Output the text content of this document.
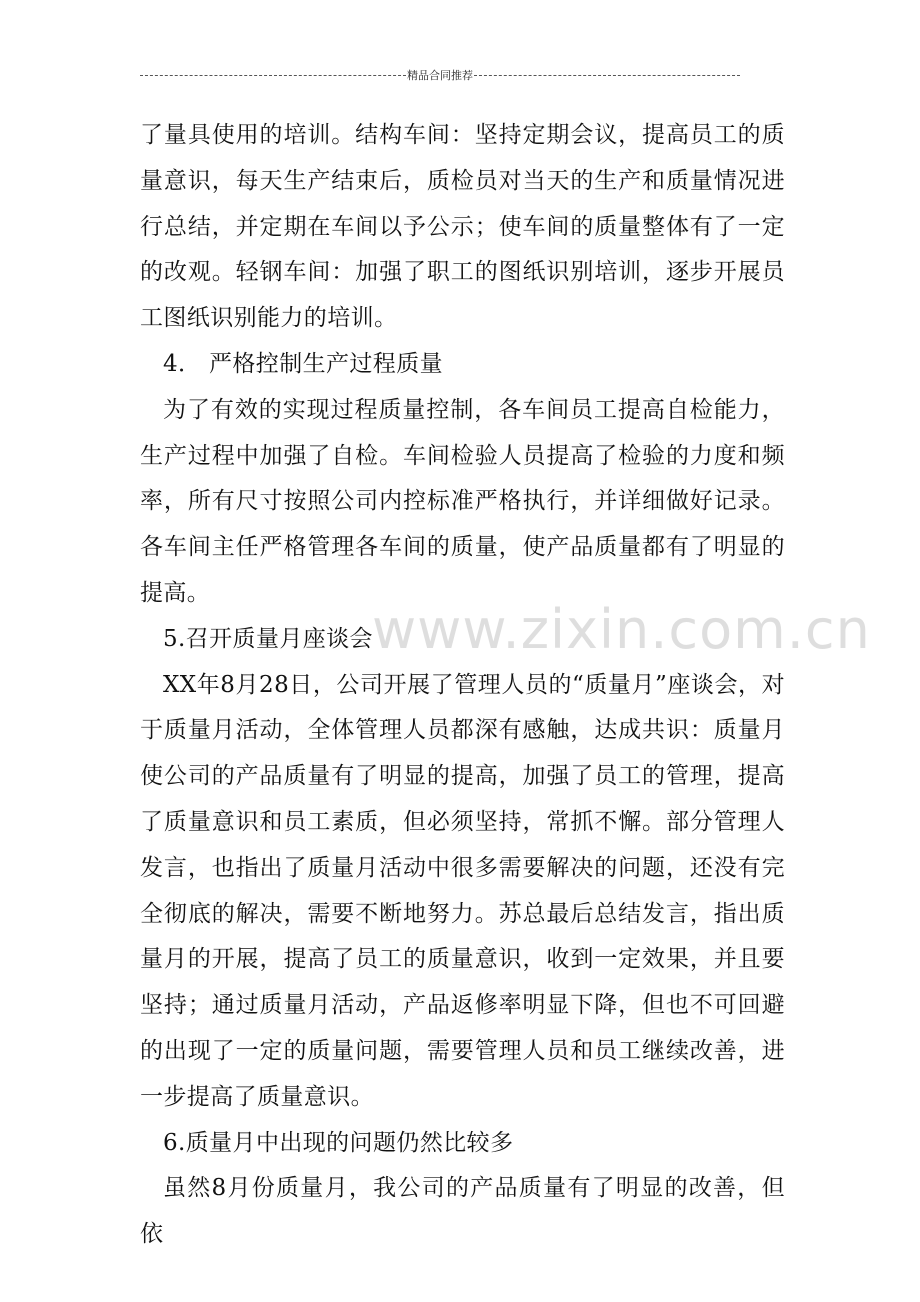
精品合同推荐
www.zixin.com.cn

了量具使用的培训。结构车间：坚持定期会议，提高员工的质量意识，每天生产结束后，质检员对当天的生产和质量情况进行总结，并定期在车间以予公示；使车间的质量整体有了一定的改观。轻钢车间：加强了职工的图纸识别培训，逐步开展员工图纸识别能力的培训。

4． 严格控制生产过程质量

为了有效的实现过程质量控制，各车间员工提高自检能力，生产过程中加强了自检。车间检验人员提高了检验的力度和频率，所有尺寸按照公司内控标准严格执行，并详细做好记录。各车间主任严格管理各车间的质量，使产品质量都有了明显的提高。

5.召开质量月座谈会

XX年8月28日，公司开展了管理人员的“质量月”座谈会，对于质量月活动，全体管理人员都深有感触，达成共识：质量月使公司的产品质量有了明显的提高，加强了员工的管理，提高了质量意识和员工素质，但必须坚持，常抓不懈。部分管理人发言，也指出了质量月活动中很多需要解决的问题，还没有完全彻底的解决，需要不断地努力。苏总最后总结发言，指出质量月的开展，提高了员工的质量意识，收到一定效果，并且要坚持；通过质量月活动，产品返修率明显下降，但也不可回避的出现了一定的质量问题，需要管理人员和员工继续改善，进一步提高了质量意识。

6.质量月中出现的问题仍然比较多

虽然8月份质量月，我公司的产品质量有了明显的改善，但依
